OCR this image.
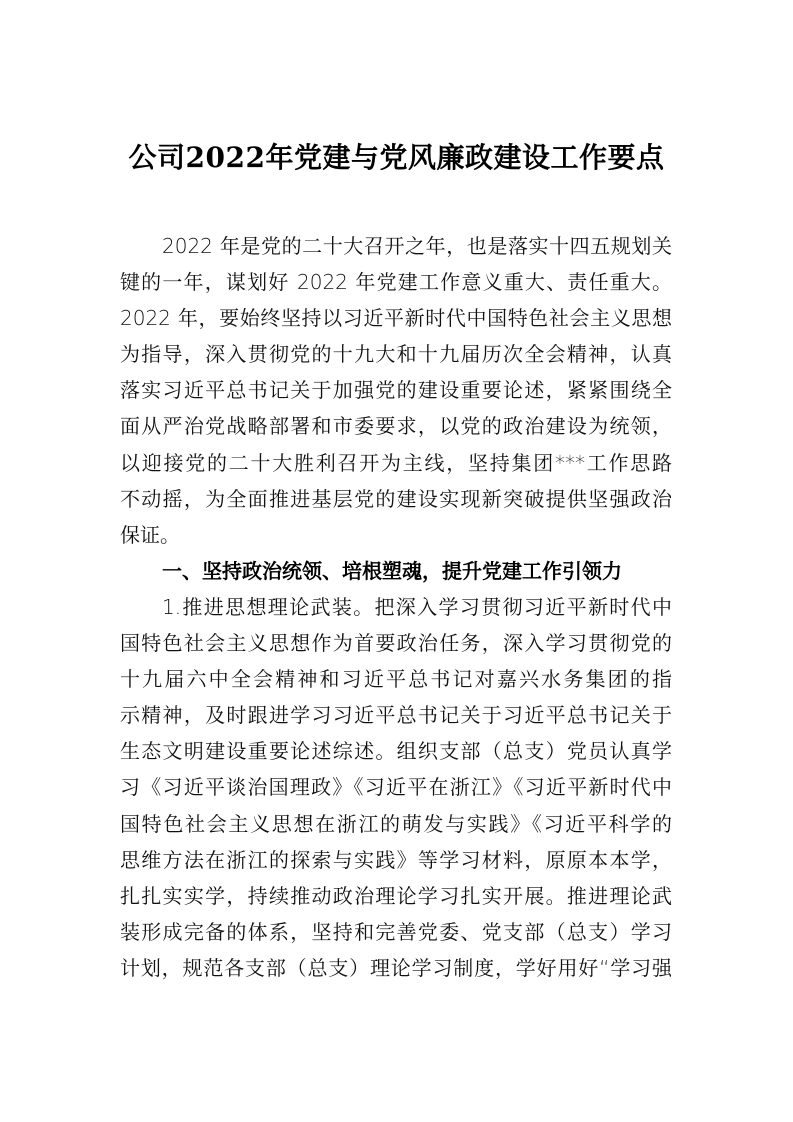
公司2022年党建与党风廉政建设工作要点
2022 年是党的二十大召开之年，也是落实十四五规划关
键的一年，谋划好 2022 年党建工作意义重大、责任重大。
2022 年，要始终坚持以习近平新时代中国特色社会主义思想
为指导，深入贯彻党的十九大和十九届历次全会精神，认真
落实习近平总书记关于加强党的建设重要论述，紧紧围绕全
面从严治党战略部署和市委要求，以党的政治建设为统领，
以迎接党的二十大胜利召开为主线，坚持集团***工作思路
不动摇，为全面推进基层党的建设实现新突破提供坚强政治
保证。
一、坚持政治统领、培根塑魂，提升党建工作引领力
1.推进思想理论武装。把深入学习贯彻习近平新时代中
国特色社会主义思想作为首要政治任务，深入学习贯彻党的
十九届六中全会精神和习近平总书记对嘉兴水务集团的指
示精神，及时跟进学习习近平总书记关于习近平总书记关于
生态文明建设重要论述综述。组织支部（总支）党员认真学
习《习近平谈治国理政》《习近平在浙江》《习近平新时代中
国特色社会主义思想在浙江的萌发与实践》《习近平科学的
思维方法在浙江的探索与实践》等学习材料，原原本本学，
扎扎实实学，持续推动政治理论学习扎实开展。推进理论武
装形成完备的体系，坚持和完善党委、党支部（总支）学习
计划，规范各支部（总支）理论学习制度，学好用好“学习强
